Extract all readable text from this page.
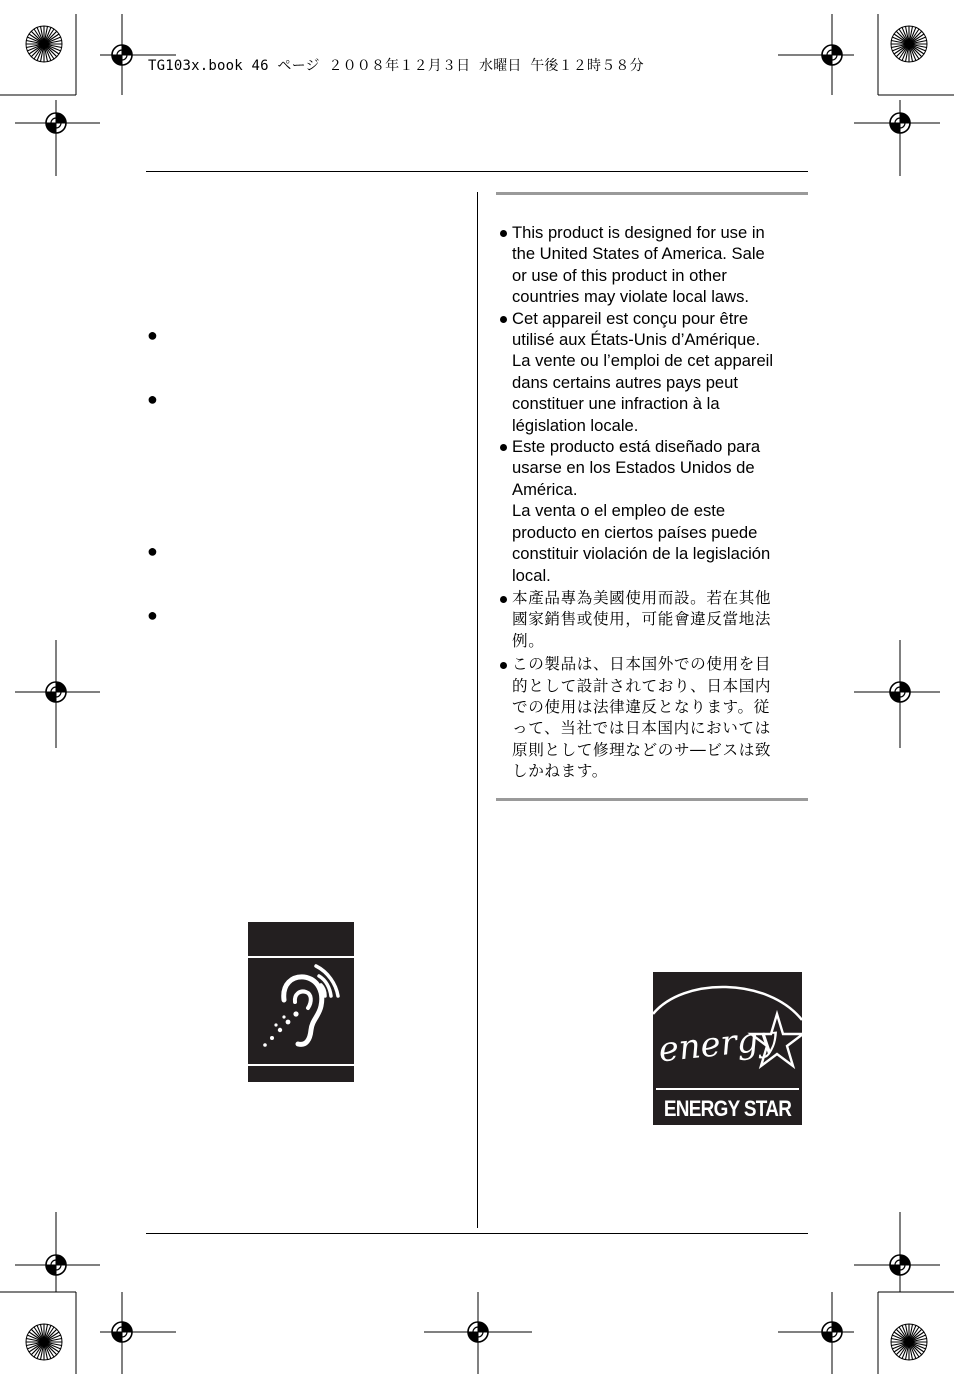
TG103x.book 46 ページ ２００８年１２月３日 水曜日 午後１２時５８分
●
●
●
●

This product is designed for use in

the United States of America. Sale

or use of this product in other

countries may violate local laws.

Cet appareil est conçu pour être

utilisé aux États-Unis d’Amérique.

La vente ou l’emploi de cet appareil

dans certains autres pays peut

constituer une infraction à la

législation locale.

Este producto está diseñado para

usarse en los Estados Unidos de

América.

La venta o el empleo de este

producto en ciertos países puede

constituir violación de la legislación

local.

本產品專為美國使用而設。若在其他

國家銷售或使用，可能會違反當地法

例。

この製品は、日本国外での使用を目

的として設計されており、日本国内

での使用は法律違反となります。従

って、当社では日本国内においては

原則として修理などのサ―ビスは致

しかねます。

energy
ENERGY STAR
